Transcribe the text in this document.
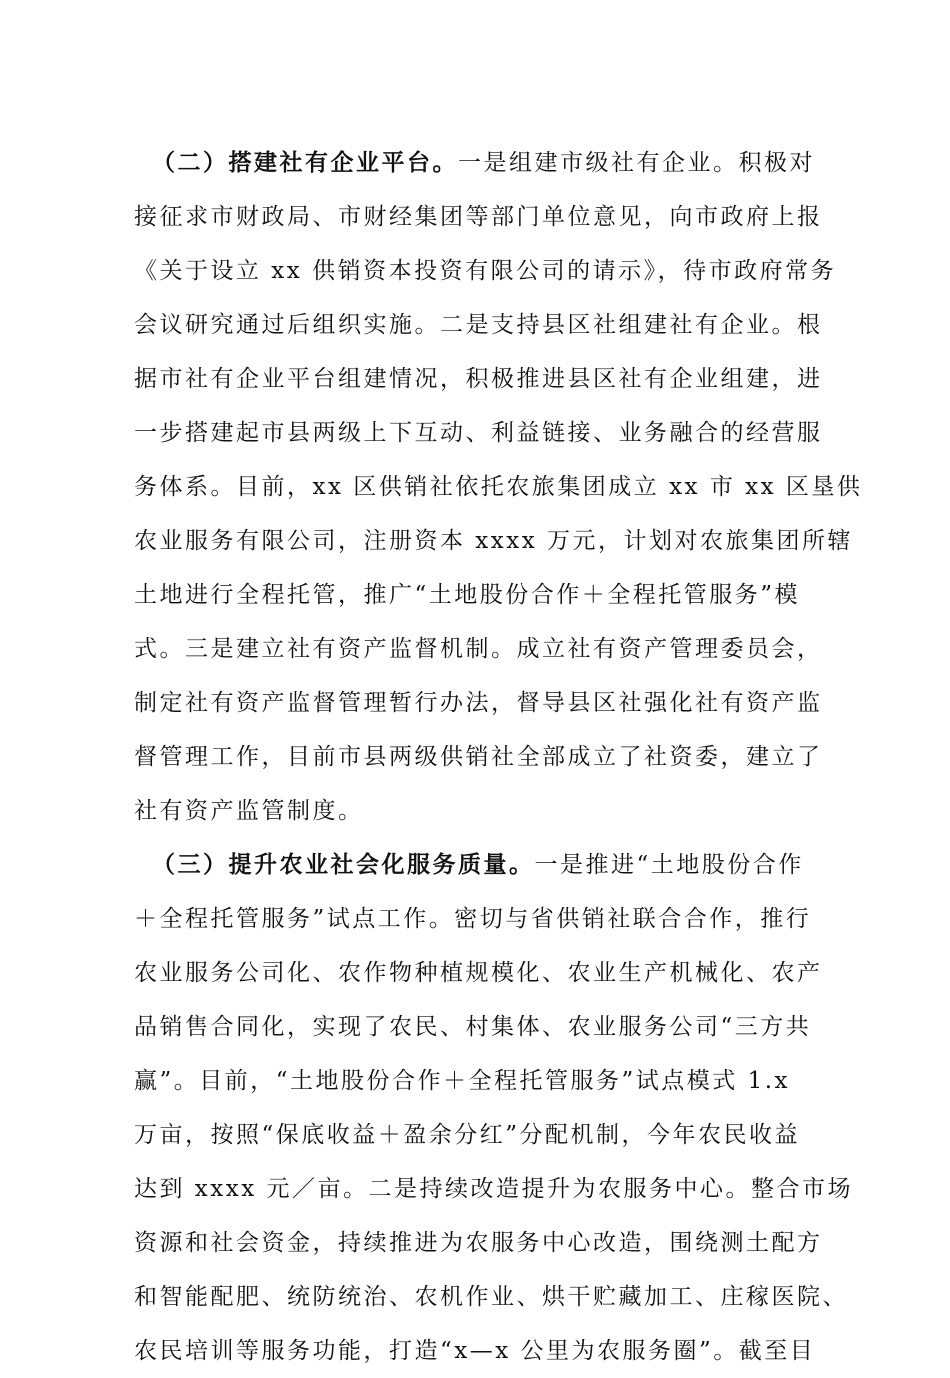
（二）搭建社有企业平台。一是组建市级社有企业。积极对
接征求市财政局、市财经集团等部门单位意见，向市政府上报
《关于设立 xx 供销资本投资有限公司的请示》，待市政府常务
会议研究通过后组织实施。二是支持县区社组建社有企业。根
据市社有企业平台组建情况，积极推进县区社有企业组建，进
一步搭建起市县两级上下互动、利益链接、业务融合的经营服
务体系。目前，xx 区供销社依托农旅集团成立 xx 市 xx 区垦供
农业服务有限公司，注册资本 xxxx 万元，计划对农旅集团所辖
土地进行全程托管，推广“土地股份合作＋全程托管服务”模
式。三是建立社有资产监督机制。成立社有资产管理委员会，
制定社有资产监督管理暂行办法，督导县区社强化社有资产监
督管理工作，目前市县两级供销社全部成立了社资委，建立了
社有资产监管制度。
（三）提升农业社会化服务质量。一是推进“土地股份合作
＋全程托管服务”试点工作。密切与省供销社联合合作，推行
农业服务公司化、农作物种植规模化、农业生产机械化、农产
品销售合同化，实现了农民、村集体、农业服务公司“三方共
赢”。目前，“土地股份合作＋全程托管服务”试点模式 1.x
万亩，按照“保底收益＋盈余分红”分配机制，今年农民收益
达到 xxxx 元／亩。二是持续改造提升为农服务中心。整合市场
资源和社会资金，持续推进为农服务中心改造，围绕测土配方
和智能配肥、统防统治、农机作业、烘干贮藏加工、庄稼医院、
农民培训等服务功能，打造“x—x 公里为农服务圈”。截至目
